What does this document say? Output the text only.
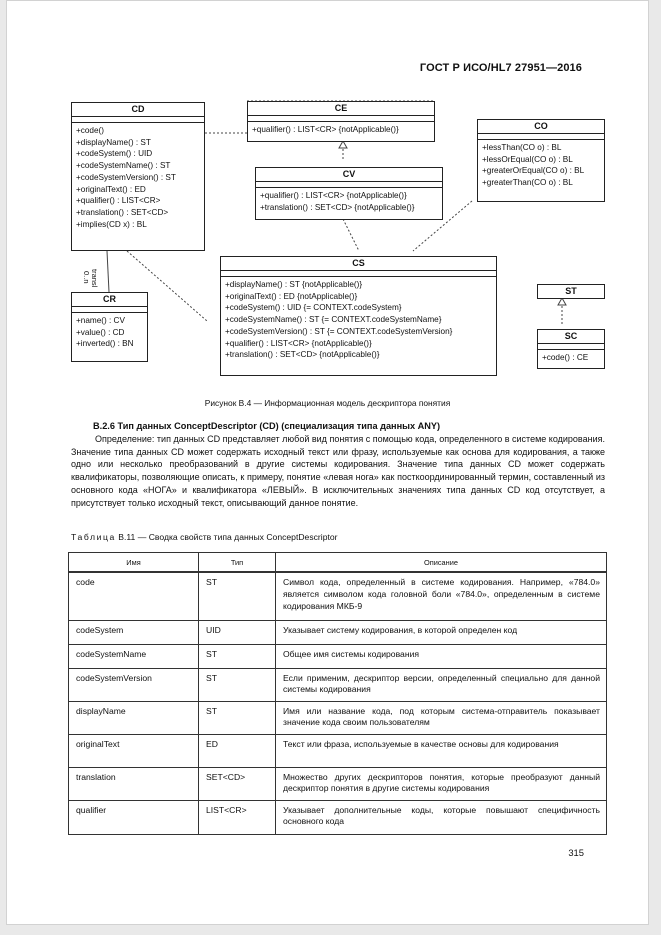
ГОСТ Р ИСО/HL7 27951—2016
transl
0..n
CD
+code()
+displayName() : ST
+codeSystem() : UID
+codeSystemName() : ST
+codeSystemVersion() : ST
+originalText() : ED
+qualifier() : LIST<CR>
+translation() : SET<CD>
+implies(CD x) : BL
CE
+qualifier() : LIST<CR> {notApplicable()}	CO
+lessThan(CO o) : BL
+lessOrEqual(CO o) : BL
+greaterOrEqual(CO o) : BL
+greaterThan(CO o) : BL
CV
+qualifier() : LIST<CR> {notApplicable()}
+translation() : SET<CD> {notApplicable()}
CS
+displayName() : ST {notApplicable()}
+originalText() : ED {notApplicable()}
+codeSystem() : UID {= CONTEXT.codeSystem}
+codeSystemName() : ST {= CONTEXT.codeSystemName}
+codeSystemVersion() : ST {= CONTEXT.codeSystemVersion}
+qualifier() : LIST<CR> {notApplicable()}
+translation() : SET<CD> {notApplicable()}
CR
+name() : CV
+value() : CD
+inverted() : BN
ST
SC
+code() : CE
Рисунок B.4 — Информационная модель дескриптора понятия
B.2.6 Тип данных ConceptDescriptor (CD) (специализация типа данных ANY)
Определение: тип данных CD представляет любой вид понятия с помощью кода, определенного в системе кодирования. Значение типа данных CD может содержать исходный текст или фразу, используемые как основа для кодирования, а также одно или несколько преобразований в другие системы кодирования. Значение типа данных CD может содержать квалификаторы, позволяющие описать, к примеру, понятие «левая нога» как посткоординированный термин, составленный из основного кода «НОГА» и квалификатора «ЛЕВЫЙ». В исключительных значениях типа данных CD код отсутствует, а присутствует только исходный текст, описывающий данное понятие.
Таблица B.11 — Сводка свойств типа данных ConceptDescriptor
Имя	Тип	Описание
code	ST	Символ кода, определенный в системе кодирования. Например, «784.0» является символом кода головной боли «784.0», определенным в системе кодирования МКБ-9
codeSystem	UID	Указывает систему кодирования, в которой определен код
codeSystemName	ST	Общее имя системы кодирования
codeSystemVersion	ST	Если применим, дескриптор версии, определенный специально для данной системы кодирования
displayName	ST	Имя или название кода, под которым система-отправитель показывает значение кода своим пользователям
originalText	ED	Текст или фраза, используемые в качестве основы для кодирования
translation	SET<CD>	Множество других дескрипторов понятия, которые преобразуют данный дескриптор понятия в другие системы кодирования
qualifier	LIST<CR>	Указывает дополнительные коды, которые повышают специфичность основного кода
315
